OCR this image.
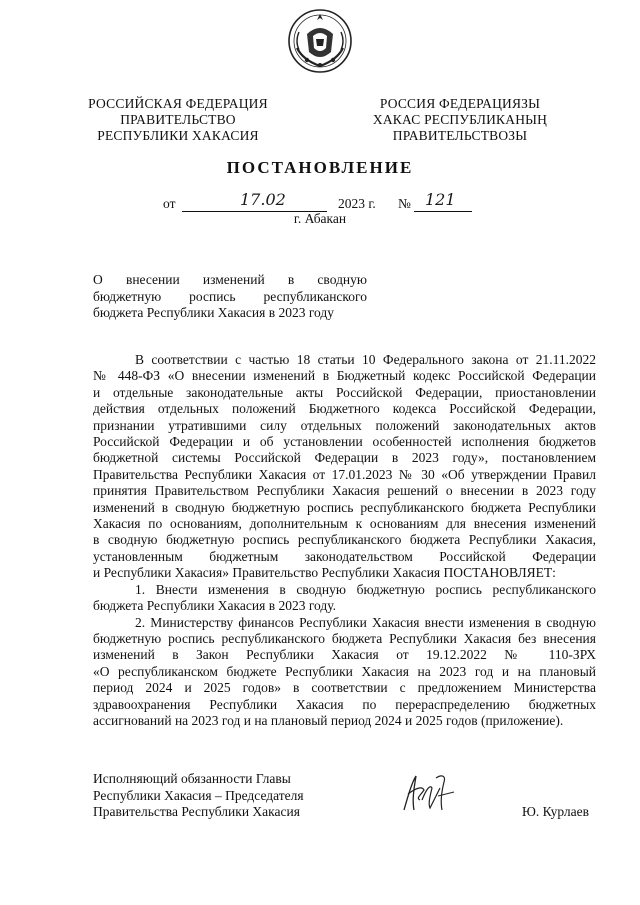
РОССИЙСКАЯ ФЕДЕРАЦИЯ
ПРАВИТЕЛЬСТВО
РЕСПУБЛИКИ ХАКАСИЯ
РОССИЯ ФЕДЕРАЦИЯЗЫ
ХАКАС РЕСПУБЛИКАНЫҢ
ПРАВИТЕЛЬСТВОЗЫ
ПОСТАНОВЛЕНИЕ
от	17.02	2023 г. № 121
г. Абакан
О внесении изменений в сводную
бюджетную роспись республиканского
бюджета Республики Хакасия в 2023 году
В соответствии с частью 18 статьи 10 Федерального закона от 21.11.2022
№ 448-ФЗ «О внесении изменений в Бюджетный кодекс Российской Федерации
и отдельные законодательные акты Российской Федерации, приостановлении
действия отдельных положений Бюджетного кодекса Российской Федерации,
признании утратившими силу отдельных положений законодательных актов
Российской Федерации и об установлении особенностей исполнения бюджетов
бюджетной системы Российской Федерации в 2023 году», постановлением
Правительства Республики Хакасия от 17.01.2023 № 30 «Об утверждении Правил
принятия Правительством Республики Хакасия решений о внесении в 2023 году
изменений в сводную бюджетную роспись республиканского бюджета Республики
Хакасия по основаниям, дополнительным к основаниям для внесения изменений
в сводную бюджетную роспись республиканского бюджета Республики Хакасия,
установленным бюджетным законодательством Российской Федерации
и Республики Хакасия» Правительство Республики Хакасия ПОСТАНОВЛЯЕТ:
1. Внести изменения в сводную бюджетную роспись республиканского
бюджета Республики Хакасия в 2023 году.
2. Министерству финансов Республики Хакасия внести изменения в сводную
бюджетную роспись республиканского бюджета Республики Хакасия без внесения
изменений в Закон Республики Хакасия от 19.12.2022 № 110-ЗРХ
«О республиканском бюджете Республики Хакасия на 2023 год и на плановый
период 2024 и 2025 годов» в соответствии с предложением Министерства
здравоохранения Республики Хакасия по перераспределению бюджетных
ассигнований на 2023 год и на плановый период 2024 и 2025 годов (приложение).
Исполняющий обязанности Главы
Республики Хакасия – Председателя
Правительства Республики Хакасия	Ю. Курлаев
